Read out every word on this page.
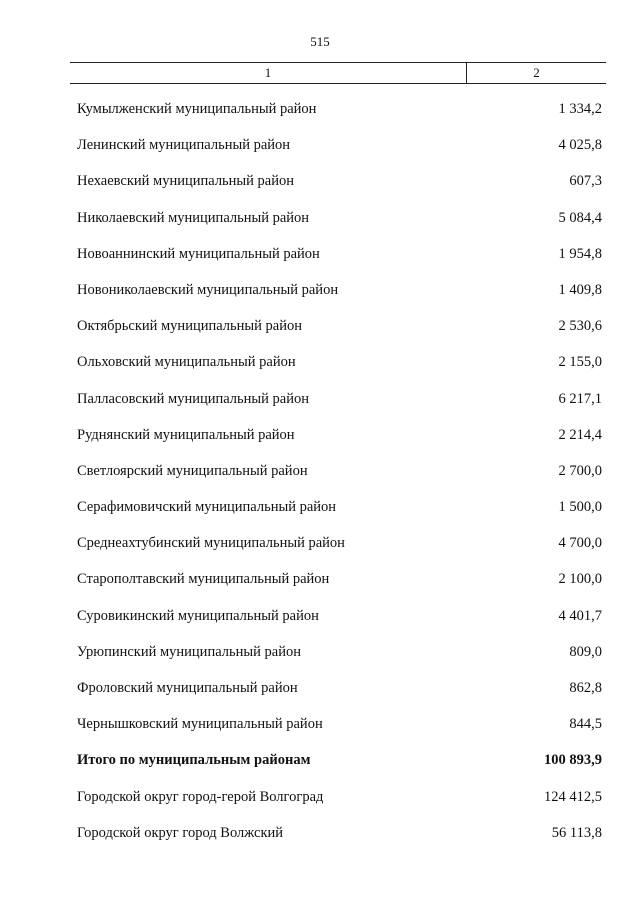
515
1	2
Кумылженский муниципальный район	1 334,2
Ленинский муниципальный район	4 025,8
Нехаевский муниципальный район	607,3
Николаевский муниципальный район	5 084,4
Новоаннинский муниципальный район	1 954,8
Новониколаевский муниципальный район	1 409,8
Октябрьский муниципальный район	2 530,6
Ольховский муниципальный район	2 155,0
Палласовский муниципальный район	6 217,1
Руднянский муниципальный район	2 214,4
Светлоярский муниципальный район	2 700,0
Серафимовичский муниципальный район	1 500,0
Среднеахтубинский муниципальный район	4 700,0
Старополтавский муниципальный район	2 100,0
Суровикинский муниципальный район	4 401,7
Урюпинский муниципальный район	809,0
Фроловский муниципальный район	862,8
Чернышковский муниципальный район	844,5
Итого по муниципальным районам	100 893,9
Городской округ город-герой Волгоград	124 412,5
Городской округ город Волжский	56 113,8
